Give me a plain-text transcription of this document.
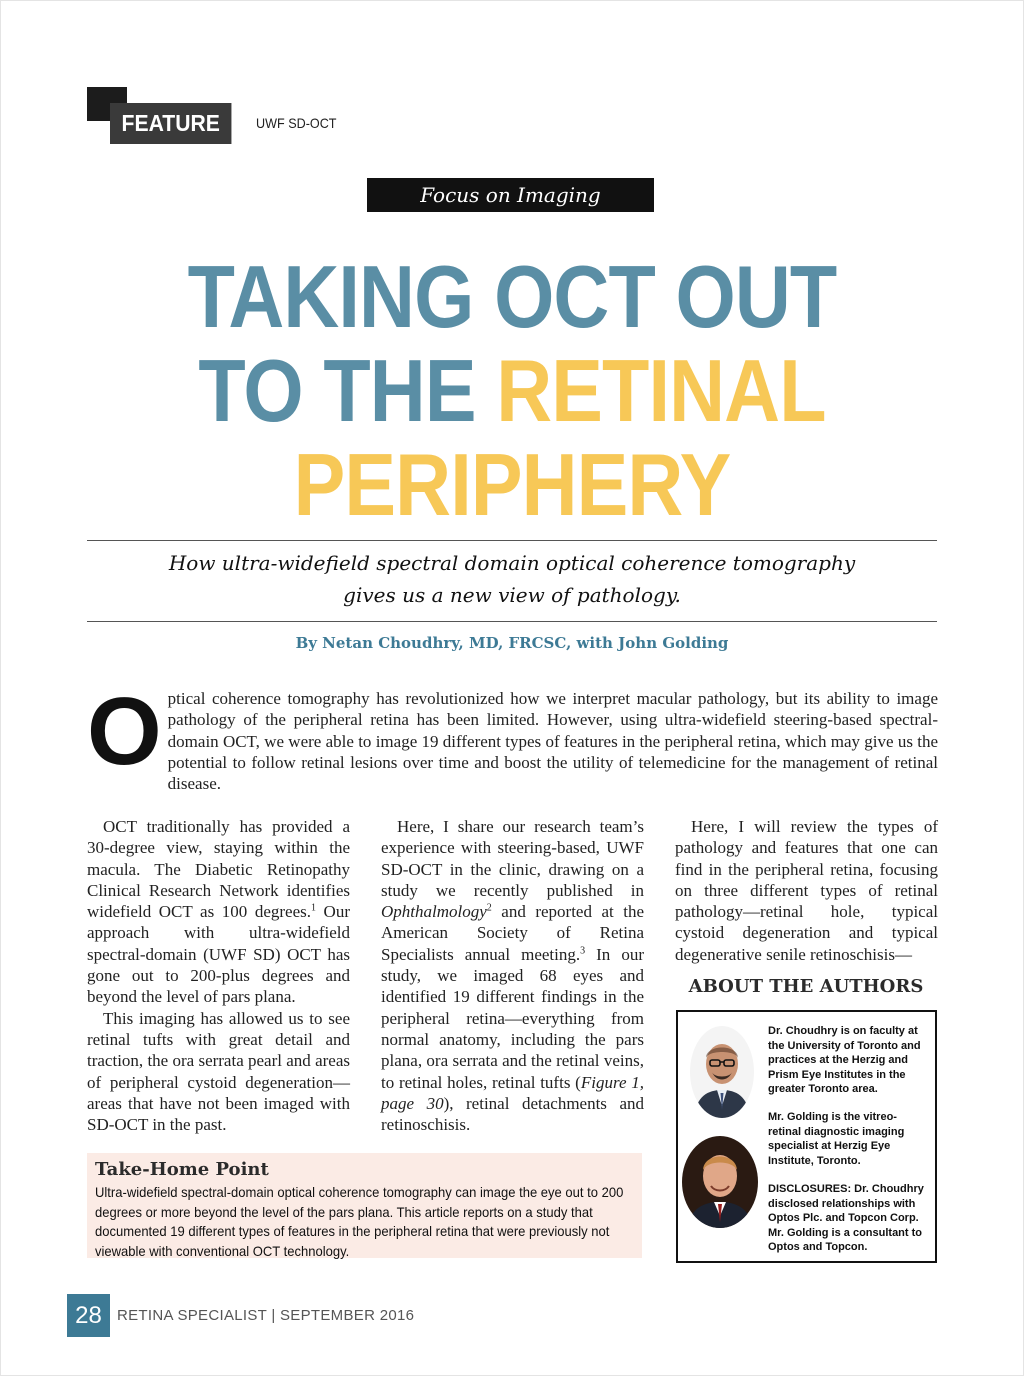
FEATURE	UWF SD-OCT
Focus on Imaging
TAKING OCT OUT
TO THE RETINAL
PERIPHERY
How ultra-widefield spectral domain optical coherence tomography
gives us a new view of pathology.
By Netan Choudhry, MD, FRCSC, with John Golding
Optical coherence tomography has revolutionized how we interpret macular pathology, but its ability to image pathology of the peripheral retina has been limited. However, using ultra-widefield steering-based spectral-domain OCT, we were able to image 19 different types of features in the peripheral retina, which may give us the potential to follow retinal lesions over time and boost the utility of telemedicine for the management of retinal disease.

OCT traditionally has provided a 30-degree view, staying within the macula. The Diabetic Retinopathy Clinical Research Network identifies widefield OCT as 100 degrees.$^1$ Our approach with ultra-widefield spectral-domain (UWF SD) OCT has gone out to 200-plus degrees and beyond the level of pars plana.

This imaging has allowed us to see retinal tufts with great detail and traction, the ora serrata pearl and areas of peripheral cystoid degeneration—areas that have not been imaged with SD-OCT in the past.

Here, I share our research team’s experience with steering-based, UWF SD-OCT in the clinic, drawing on a study we recently published in Ophthalmology$^2$ and reported at the American Society of Retina Specialists annual meeting.$^3$ In our study, we imaged 68 eyes and identified 19 different findings in the peripheral retina—everything from normal anatomy, including the pars plana, ora serrata and the retinal veins, to retinal holes, retinal tufts (Figure 1, page 30), retinal detachments and retinoschisis.

Here, I will review the types of pathology and features that one can find in the peripheral retina, focusing on three different types of retinal pathology—retinal hole, typical cystoid degeneration and typical degenerative senile retinoschisis—

Take-Home Point
Ultra-widefield spectral-domain optical coherence tomography can image the eye out to 200 degrees or more beyond the level of the pars plana. This article reports on a study that documented 19 different types of features in the peripheral retina that were previously not viewable with conventional OCT technology.
ABOUT THE AUTHORS
Dr. Choudhry is on faculty at the University of Toronto and practices at the Herzig and Prism Eye Institutes in the greater Toronto area.
Mr. Golding is the vitreo-retinal diagnostic imaging specialist at Herzig Eye Institute, Toronto.
DISCLOSURES: Dr. Choudhry disclosed relationships with Optos Plc. and Topcon Corp. Mr. Golding is a consultant to Optos and Topcon.
28	RETINA SPECIALIST | SEPTEMBER 2016
